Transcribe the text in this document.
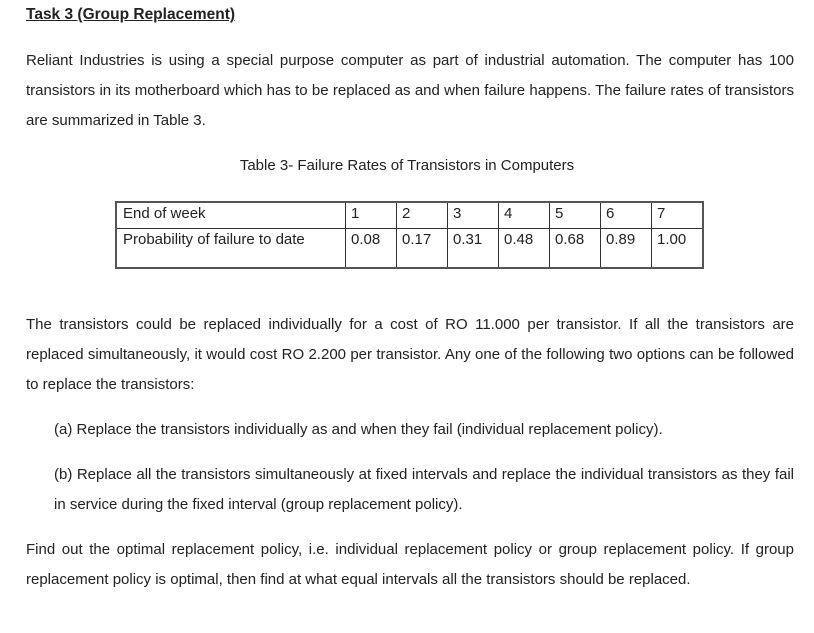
Task 3 (Group Replacement)

Reliant Industries is using a special purpose computer as part of industrial automation. The computer has 100 transistors in its motherboard which has to be replaced as and when failure happens. The failure rates of transistors are summarized in Table 3.

Table 3- Failure Rates of Transistors in Computers
End of week	1	2	3	4	5	6	7
Probability of failure to date	0.08	0.17	0.31	0.48	0.68	0.89	1.00

The transistors could be replaced individually for a cost of RO 11.000 per transistor. If all the transistors are replaced simultaneously, it would cost RO 2.200 per transistor. Any one of the following two options can be followed to replace the transistors:

(a) Replace the transistors individually as and when they fail (individual replacement policy).

(b) Replace all the transistors simultaneously at fixed intervals and replace the individual transistors as they fail in service during the fixed interval (group replacement policy).

Find out the optimal replacement policy, i.e. individual replacement policy or group replacement policy. If group replacement policy is optimal, then find at what equal intervals all the transistors should be replaced.
